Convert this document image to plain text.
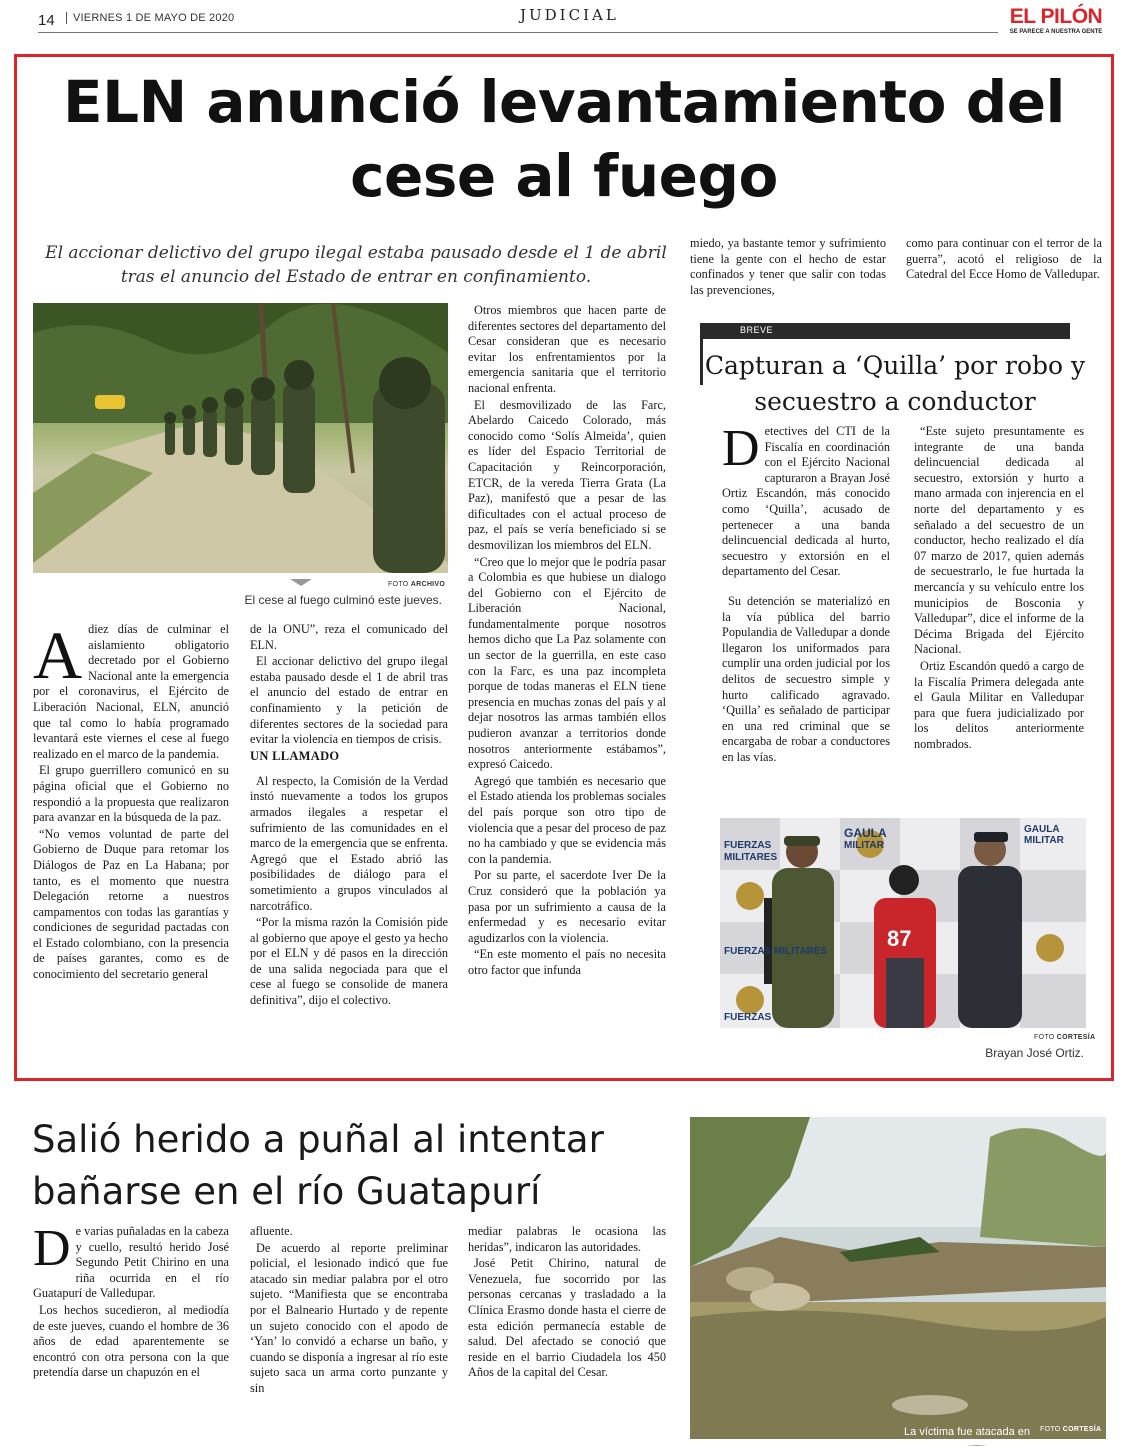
14	VIERNES 1 DE MAYO DE 2020	JUDICIAL	EL PILÓN
SE PARECE A NUESTRA GENTE
ELN anunció levantamiento del cese al fuego
El accionar delictivo del grupo ilegal estaba pausado desde el 1 de abril tras el anuncio del Estado de entrar en confinamiento.
FOTO ARCHIVO
El cese al fuego culminó este jueves.
A diez días de culminar el aislamiento obligatorio decretado por el Gobierno Nacional ante la emergencia por el coronavirus, el Ejército de Liberación Nacional, ELN, anunció que tal como lo había programado levantará este viernes el cese al fuego realizado en el marco de la pandemia.

El grupo guerrillero comunicó en su página oficial que el Gobierno no respondió a la propuesta que realizaron para avanzar en la búsqueda de la paz.

“No vemos voluntad de parte del Gobierno de Duque para retomar los Diálogos de Paz en La Habana; por tanto, es el momento que nuestra Delegación retorne a nuestros campamentos con todas las garantías y condiciones de seguridad pactadas con el Estado colombiano, con la presencia de países garantes, como es de conocimiento del secretario general

de la ONU”, reza el comunicado del ELN.

El accionar delictivo del grupo ilegal estaba pausado desde el 1 de abril tras el anuncio del estado de entrar en confinamiento y la petición de diferentes sectores de la sociedad para evitar la violencia en tiempos de crisis.

UN LLAMADO

Al respecto, la Comisión de la Verdad instó nuevamente a todos los grupos armados ilegales a respetar el sufrimiento de las comunidades en el marco de la emergencia que se enfrenta. Agregó que el Estado abrió las posibilidades de diálogo para el sometimiento a grupos vinculados al narcotráfico.

“Por la misma razón la Comisión pide al gobierno que apoye el gesto ya hecho por el ELN y dé pasos en la dirección de una salida negociada para que el cese al fuego se consolide de manera definitiva”, dijo el colectivo.

Otros miembros que hacen parte de diferentes sectores del departamento del Cesar consideran que es necesario evitar los enfrentamientos por la emergencia sanitaria que el territorio nacional enfrenta.

El desmovilizado de las Farc, Abelardo Caicedo Colorado, más conocido como ‘Solís Almeida’, quien es líder del Espacio Territorial de Capacitación y Reincorporación, ETCR, de la vereda Tierra Grata (La Paz), manifestó que a pesar de las dificultades con el actual proceso de paz, el país se vería beneficiado si se desmovilizan los miembros del ELN.

“Creo que lo mejor que le podría pasar a Colombia es que hubiese un dialogo del Gobierno con el Ejército de Liberación Nacional, fundamentalmente porque nosotros hemos dicho que La Paz solamente con un sector de la guerrilla, en este caso con la Farc, es una paz incompleta porque de todas maneras el ELN tiene presencia en muchas zonas del país y al dejar nosotros las armas también ellos pudieron avanzar a territorios donde nosotros anteriormente estábamos”, expresó Caicedo.

Agregó que también es necesario que el Estado atienda los problemas sociales del país porque son otro tipo de violencia que a pesar del proceso de paz no ha cambiado y que se evidencia más con la pandemia.

Por su parte, el sacerdote Iver De la Cruz consideró que la población ya pasa por un sufrimiento a causa de la enfermedad y es necesario evitar agudizarlos con la violencia.

“En este momento el país no necesita otro factor que infunda

miedo, ya bastante temor y sufrimiento tiene la gente con el hecho de estar confinados y tener que salir con todas las prevenciones,

como para continuar con el terror de la guerra”, acotó el religioso de la Catedral del Ecce Homo de Valledupar.

BREVE
Capturan a ‘Quilla’ por robo y secuestro a conductor
D etectives del CTI de la Fiscalía en coordinación con el Ejército Nacional capturaron a Brayan José Ortiz Escandón, más conocido como ‘Quilla’, acusado de pertenecer a una banda delincuencial dedicada al hurto, secuestro y extorsión en el departamento del Cesar.

Su detención se materializó en la vía pública del barrio Populandia de Valledupar a donde llegaron los uniformados para cumplir una orden judicial por los delitos de secuestro simple y hurto calificado agravado. ‘Quilla’ es señalado de participar en una red criminal que se encargaba de robar a conductores en las vías.

“Este sujeto presuntamente es integrante de una banda delincuencial dedicada al secuestro, extorsión y hurto a mano armada con injerencia en el norte del departamento y es señalado a del secuestro de un conductor, hecho realizado el día 07 marzo de 2017, quien además de secuestrarlo, le fue hurtada la mercancía y su vehículo entre los municipios de Bosconia y Valledupar”, dice el informe de la Décima Brigada del Ejército Nacional.

Ortiz Escandón quedó a cargo de la Fiscalía Primera delegada ante el Gaula Militar en Valledupar para que fuera judicializado por los delitos anteriormente nombrados.

87
FUERZAS
MILITARES
GAULA
MILITAR
FUERZAS MILITARES
GAULA MILITAR
FUERZAS
FOTO CORTESÍA
Brayan José Ortiz.
Salió herido a puñal al intentar bañarse en el río Guatapurí
D e varias puñaladas en la cabeza y cuello, resultó herido José Segundo Petit Chirino en una riña ocurrida en el río Guatapurí de Valledupar.

Los hechos sucedieron, al mediodía de este jueves, cuando el hombre de 36 años de edad aparentemente se encontró con otra persona con la que pretendía darse un chapuzón en el

afluente.

De acuerdo al reporte preliminar policial, el lesionado indicó que fue atacado sin mediar palabra por el otro sujeto. “Manifiesta que se encontraba por el Balneario Hurtado y de repente un sujeto conocido con el apodo de ‘Yan’ lo convidó a echarse un baño, y cuando se disponía a ingresar al río este sujeto saca un arma corto punzante y sin

mediar palabras le ocasiona las heridas”, indicaron las autoridades.

José Petit Chirino, natural de Venezuela, fue socorrido por las personas cercanas y trasladado a la Clínica Erasmo donde hasta el cierre de esta edición permanecía estable de salud. Del afectado se conoció que reside en el barrio Ciudadela los 450 Años de la capital del Cesar.

FOTO CORTESÍA
La víctima fue atacada en el río.
